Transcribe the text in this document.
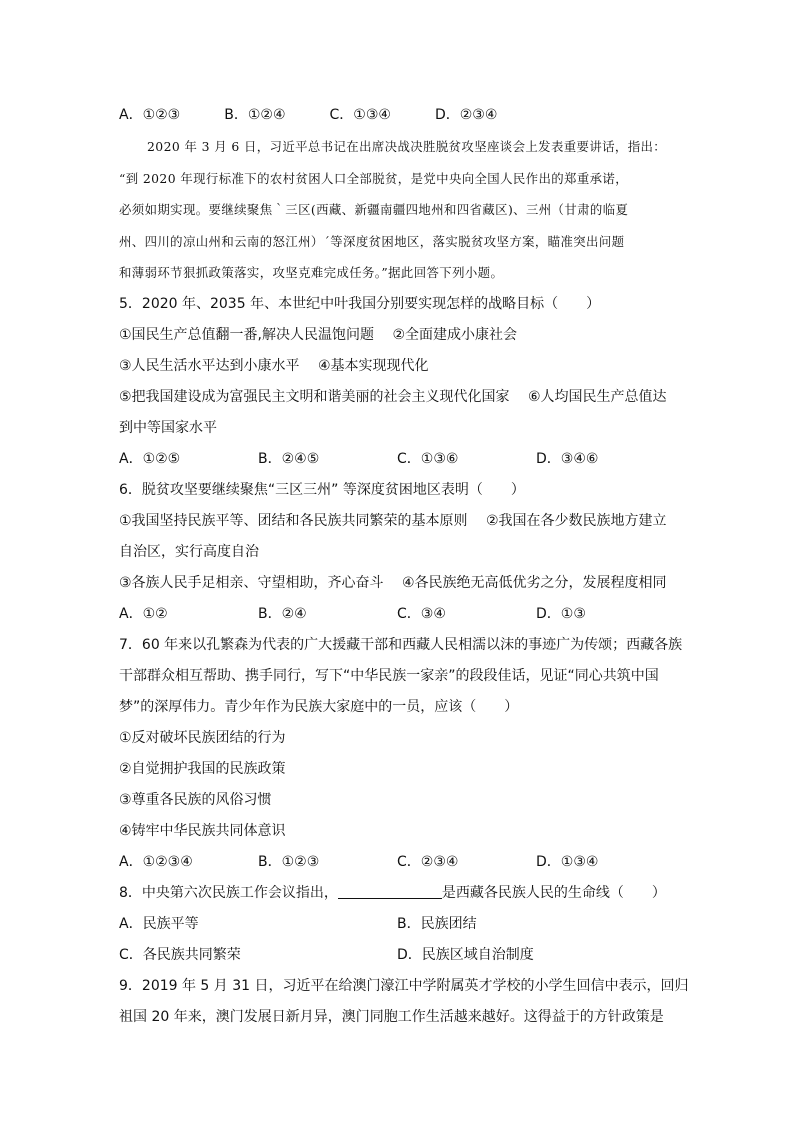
A．①②③	B．①②④	C．①③④	D．②③④
2020 年 3 月 6 日，习近平总书记在出席决战决胜脱贫攻坚座谈会上发表重要讲话，指出：
“到 2020 年现行标准下的农村贫困人口全部脱贫，是党中央向全国人民作出的郑重承诺，
必须如期实现。要继续聚焦｀三区(西藏、新疆南疆四地州和四省藏区)、三州（甘肃的临夏
州、四川的凉山州和云南的怒江州）´等深度贫困地区，落实脱贫攻坚方案，瞄准突出问题
和薄弱环节狠抓政策落实，攻坚克难完成任务。”据此回答下列小题。
5．2020 年、2035 年、本世纪中叶我国分别要实现怎样的战略目标（　　）
①国民生产总值翻一番,解决人民温饱问题　 ②全面建成小康社会
③人民生活水平达到小康水平　 ④基本实现现代化
⑤把我国建设成为富强民主文明和谐美丽的社会主义现代化国家　 ⑥人均国民生产总值达
到中等国家水平
A．①②⑤	B．②④⑤	C．①③⑥	D．③④⑥
6．脱贫攻坚要继续聚焦“三区三州” 等深度贫困地区表明（　　）
①我国坚持民族平等、团结和各民族共同繁荣的基本原则　 ②我国在各少数民族地方建立
自治区，实行高度自治
③各族人民手足相亲、守望相助，齐心奋斗　 ④各民族绝无高低优劣之分，发展程度相同
A．①②	B．②④	C．③④	D．①③
7．60 年来以孔繁森为代表的广大援藏干部和西藏人民相濡以沫的事迹广为传颂；西藏各族
干部群众相互帮助、携手同行，写下“中华民族一家亲”的段段佳话，见证“同心共筑中国
梦”的深厚伟力。青少年作为民族大家庭中的一员，应该（　　）
①反对破坏民族团结的行为
②自觉拥护我国的民族政策
③尊重各民族的风俗习惯
④铸牢中华民族共同体意识
A．①②③④	B．①②③	C．②③④	D．①③④
8．中央第六次民族工作会议指出，	是西藏各民族人民的生命线（　　）
A．民族平等	B．民族团结
C．各民族共同繁荣	D．民族区域自治制度
9．2019 年 5 月 31 日，习近平在给澳门濠江中学附属英才学校的小学生回信中表示，回归
祖国 20 年来，澳门发展日新月异，澳门同胞工作生活越来越好。这得益于的方针政策是
